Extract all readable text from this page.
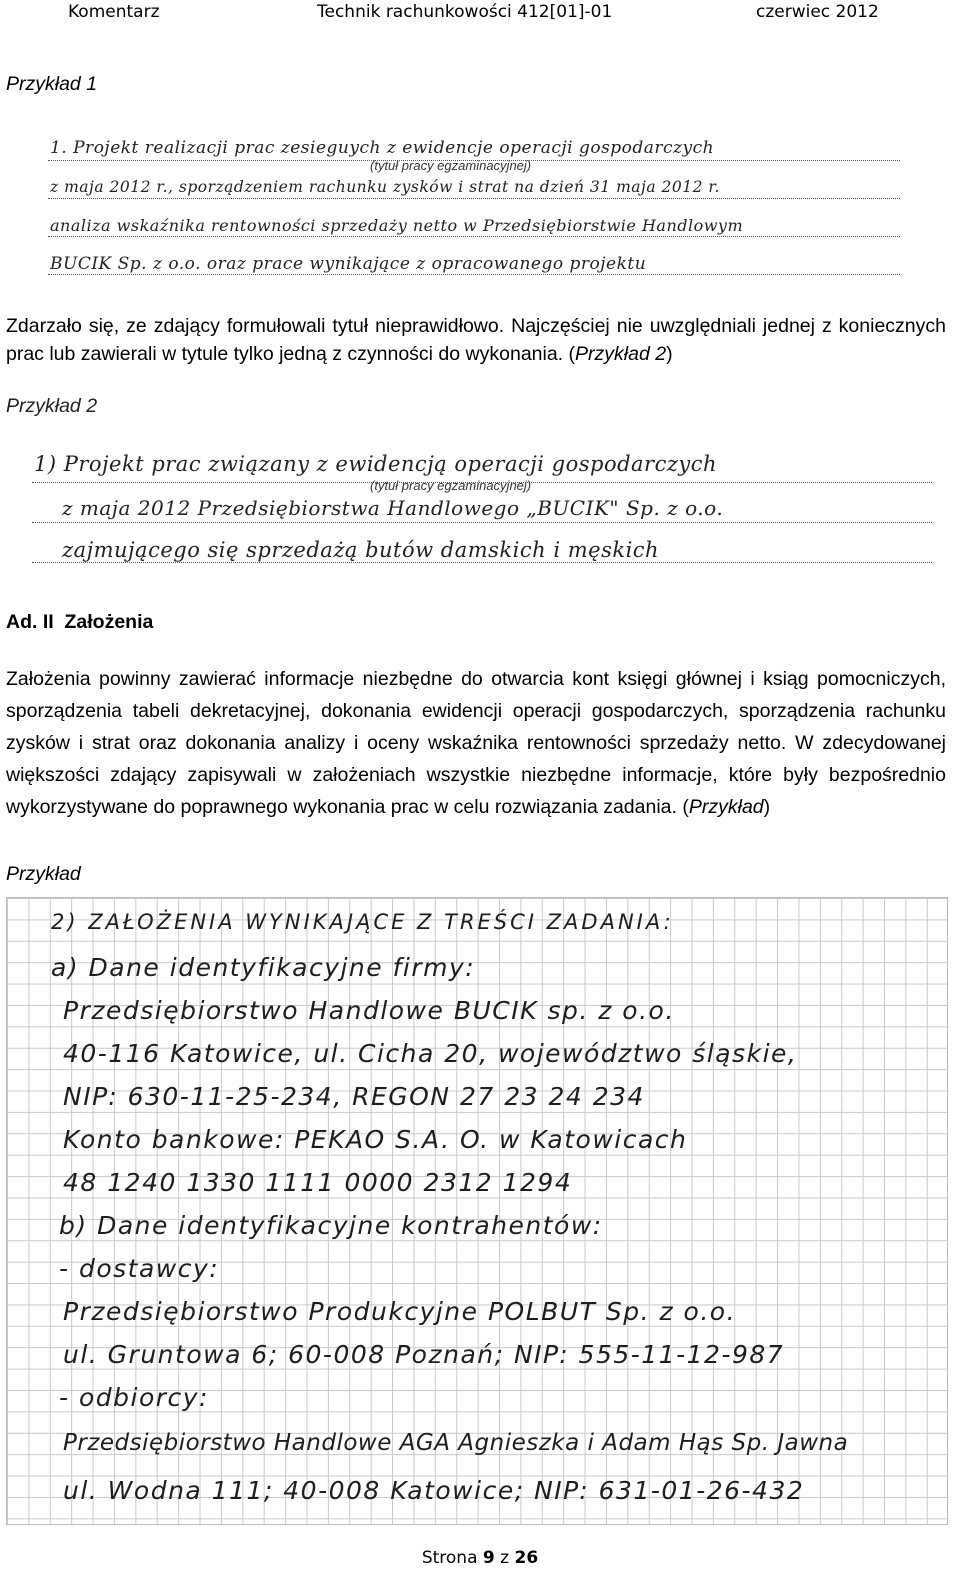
Komentarz	Technik rachunkowości 412[01]-01	czerwiec 2012
Przykład 1
1. Projekt realizacji prac zesieguych z ewidencje operacji gospodarczych
(tytuł pracy egzaminacyjnej)
z maja 2012 r., sporządzeniem rachunku zysków i strat na dzień 31 maja 2012 r.
analiza wskaźnika rentowności sprzedaży netto w Przedsiębiorstwie Handlowym
BUCIK Sp. z o.o. oraz prace wynikające z opracowanego projektu
Zdarzało się, ze zdający formułowali tytuł nieprawidłowo. Najczęściej nie uwzględniali jednej z koniecznych prac lub zawierali w tytule tylko jedną z czynności do wykonania. (Przykład 2)
Przykład 2
1) Projekt prac związany z ewidencją operacji gospodarczych
(tytuł pracy egzaminacyjnej)
z maja 2012 Przedsiębiorstwa Handlowego „BUCIK" Sp. z o.o.
zajmującego się sprzedażą butów damskich i męskich
Ad. II  Założenia
Założenia powinny zawierać informacje niezbędne do otwarcia kont księgi głównej i ksiąg pomocniczych, sporządzenia tabeli dekretacyjnej, dokonania ewidencji operacji gospodarczych, sporządzenia rachunku zysków i strat oraz dokonania analizy i oceny wskaźnika rentowności sprzedaży netto. W zdecydowanej większości zdający zapisywali w założeniach wszystkie niezbędne informacje, które były bezpośrednio wykorzystywane do poprawnego wykonania prac w celu rozwiązania zadania. (Przykład)
Przykład
2) ZAŁOŻENIA WYNIKAJĄCE Z TREŚCI ZADANIA:
a) Dane identyfikacyjne firmy:
Przedsiębiorstwo Handlowe BUCIK sp. z o.o.
40-116 Katowice, ul. Cicha 20, województwo śląskie,
NIP: 630-11-25-234, REGON 27 23 24 234
Konto bankowe: PEKAO S.A. O. w Katowicach
48 1240 1330 1111 0000 2312 1294
b) Dane identyfikacyjne kontrahentów:
- dostawcy:
Przedsiębiorstwo Produkcyjne POLBUT Sp. z o.o.
ul. Gruntowa 6; 60-008 Poznań; NIP: 555-11-12-987
- odbiorcy:
Przedsiębiorstwo Handlowe AGA Agnieszka i Adam Hąs Sp. Jawna
ul. Wodna 111; 40-008 Katowice; NIP: 631-01-26-432
Strona 9 z 26
